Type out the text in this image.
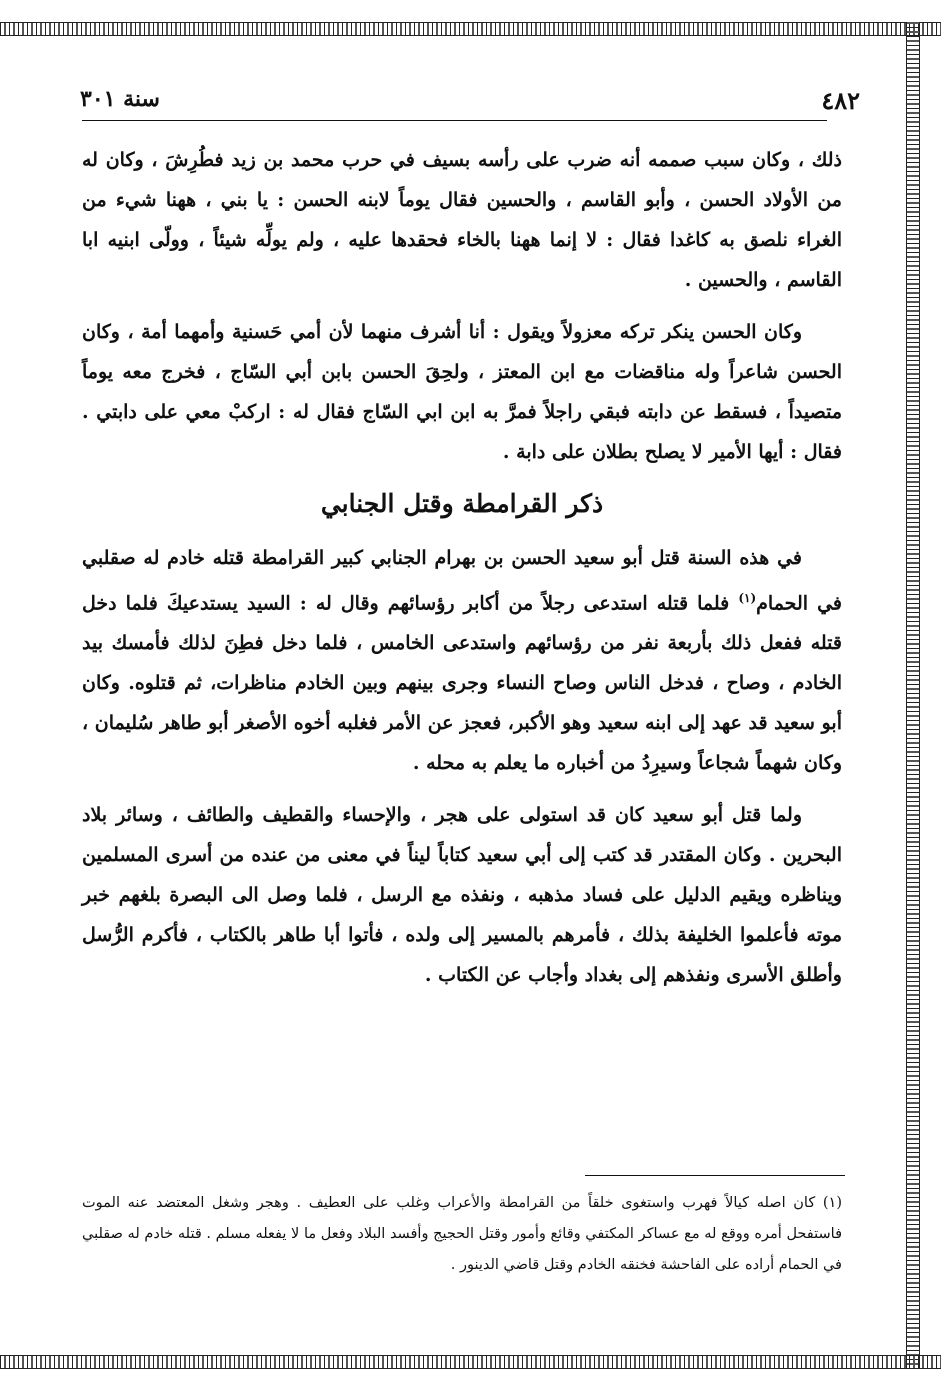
٤٨٢
سنة ٣٠١

ذلك ، وكان سبب صممه أنه ضرب على رأسه بسيف في حرب محمد بن زيد فطُرِشَ ، وكان له من الأولاد الحسن ، وأبو القاسم ، والحسين فقال يوماً لابنه الحسن : يا بني ، ههنا شيء من الغراء نلصق به كاغدا فقال : لا إنما ههنا بالخاء فحقدها عليه ، ولم يولِّه شيئاً ، وولّى ابنيه ابا القاسم ، والحسين .

وكان الحسن ينكر تركه معزولاً ويقول : أنا أشرف منهما لأن أمي حَسنية وأمهما أمة ، وكان الحسن شاعراً وله مناقضات مع ابن المعتز ، ولحِقَ الحسن بابن أبي السّاج ، فخرج معه يوماً متصيداً ، فسقط عن دابته فبقي راجلاً فمرَّ به ابن ابي السّاج فقال له : اركبْ معي على دابتي . فقال : أيها الأمير لا يصلح بطلان على دابة .

ذكر القرامطة وقتل الجنابي

في هذه السنة قتل أبو سعيد الحسن بن بهرام الجنابي كبير القرامطة قتله خادم له صقلبي في الحمام$^{(١)}$ فلما قتله استدعى رجلاً من أكابر رؤسائهم وقال له : السيد يستدعيكَ فلما دخل قتله ففعل ذلك بأربعة نفر من رؤسائهم واستدعى الخامس ، فلما دخل فطِنَ لذلك فأمسك بيد الخادم ، وصاح ، فدخل الناس وصاح النساء وجرى بينهم وبين الخادم مناظرات، ثم قتلوه. وكان أبو سعيد قد عهد إلى ابنه سعيد وهو الأكبر، فعجز عن الأمر فغلبه أخوه الأصغر أبو طاهر سُليمان ، وكان شهماً شجاعاً وسيرِدُ من أخباره ما يعلم به محله .

ولما قتل أبو سعيد كان قد استولى على هجر ، والإحساء والقطيف والطائف ، وسائر بلاد البحرين . وكان المقتدر قد كتب إلى أبي سعيد كتاباً ليناً في معنى من عنده من أسرى المسلمين ويناظره ويقيم الدليل على فساد مذهبه ، ونفذه مع الرسل ، فلما وصل الى البصرة بلغهم خبر موته فأعلموا الخليفة بذلك ، فأمرهم بالمسير إلى ولده ، فأتوا أبا طاهر بالكتاب ، فأكرم الرُّسل وأطلق الأسرى ونفذهم إلى بغداد وأجاب عن الكتاب .

(١) كان اصله كيالاً فهرب واستغوى خلقاً من القرامطة والأعراب وغلب على العطيف . وهجر وشغل المعتضد عنه الموت فاستفحل أمره ووقع له مع عساكر المكتفي وقائع وأمور وقتل الحجيج وأفسد البلاد وفعل ما لا يفعله مسلم . قتله خادم له صقلبي في الحمام أراده على الفاحشة فخنقه الخادم وقتل قاضي الدينور .
